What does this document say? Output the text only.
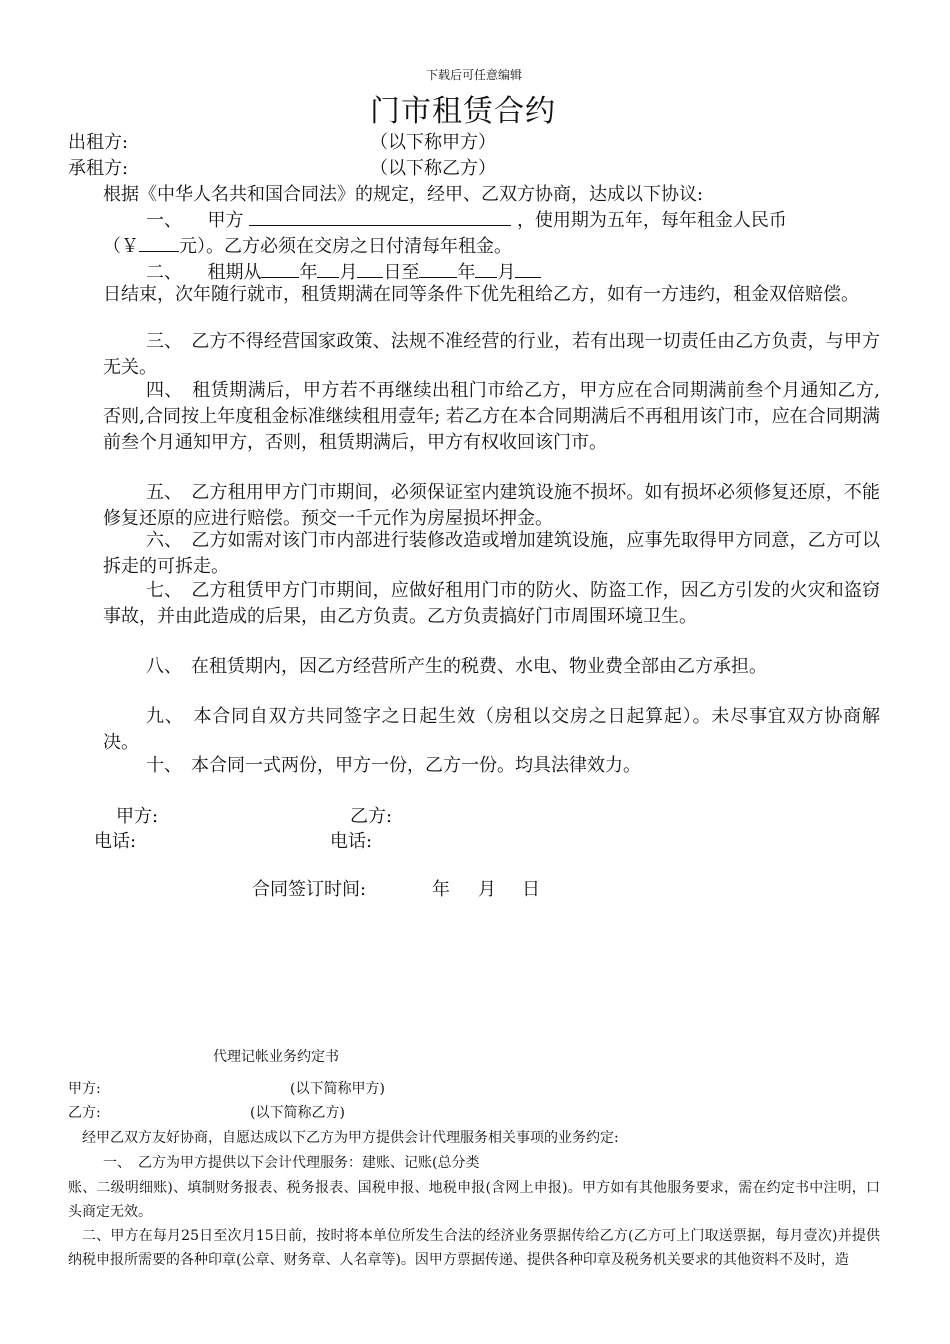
下载后可任意编辑
门市租赁合约
出租方:	（以下称甲方）
承租方:	（以下称乙方）
根据《中华人名共和国合同法》的规定，经甲、乙双方协商，达成以下协议:
一、 甲方	，使用期为五年，每年租金人民币
（￥ 元）。乙方必须在交房之日付清每年租金。
二、 租期从 年 月 日至 年 月
日结束，次年随行就市，租赁期满在同等条件下优先租给乙方，如有一方违约，租金双倍赔偿。
三、　乙方不得经营国家政策、法规不准经营的行业，若有出现一切责任由乙方负责，与甲方无关。
四、　租赁期满后，甲方若不再继续出租门市给乙方，甲方应在合同期满前叁个月通知乙方, 否则,合同按上年度租金标准继续租用壹年; 若乙方在本合同期满后不再租用该门市，应在合同期满前叁个月通知甲方，否则，租赁期满后，甲方有权收回该门市。
五、　乙方租用甲方门市期间，必须保证室内建筑设施不损坏。如有损坏必须修复还原，不能修复还原的应进行赔偿。预交一千元作为房屋损坏押金。
六、　乙方如需对该门市内部进行装修改造或增加建筑设施，应事先取得甲方同意，乙方可以拆走的可拆走。
七、　乙方租赁甲方门市期间，应做好租用门市的防火、防盗工作，因乙方引发的火灾和盗窃事故，并由此造成的后果，由乙方负责。乙方负责搞好门市周围环境卫生。
八、　在租赁期内，因乙方经营所产生的税费、水电、物业费全部由乙方承担。
九、　本合同自双方共同签字之日起生效（房租以交房之日起算起）。未尽事宜双方协商解决。
十、　本合同一式两份，甲方一份，乙方一份。均具法律效力。
甲方:	乙方:
电话:	电话:
合同签订时间:	年 月 日
代理记帐业务约定书
甲方:	(以下简称甲方)
乙方:	(以下简称乙方)
经甲乙双方友好协商，自愿达成以下乙方为甲方提供会计代理服务相关事项的业务约定:
一、　乙方为甲方提供以下会计代理服务：建账、记账(总分类
账、二级明细账)、填制财务报表、税务报表、国税申报、地税申报(含网上申报)。甲方如有其他服务要求，需在约定书中注明，口头商定无效。
二、甲方在每月25日至次月15日前，按时将本单位所发生合法的经济业务票据传给乙方(乙方可上门取送票据，每月壹次)并提供纳税申报所需要的各种印章(公章、财务章、人名章等)。因甲方票据传递、提供各种印章及税务机关要求的其他资料不及时，造
